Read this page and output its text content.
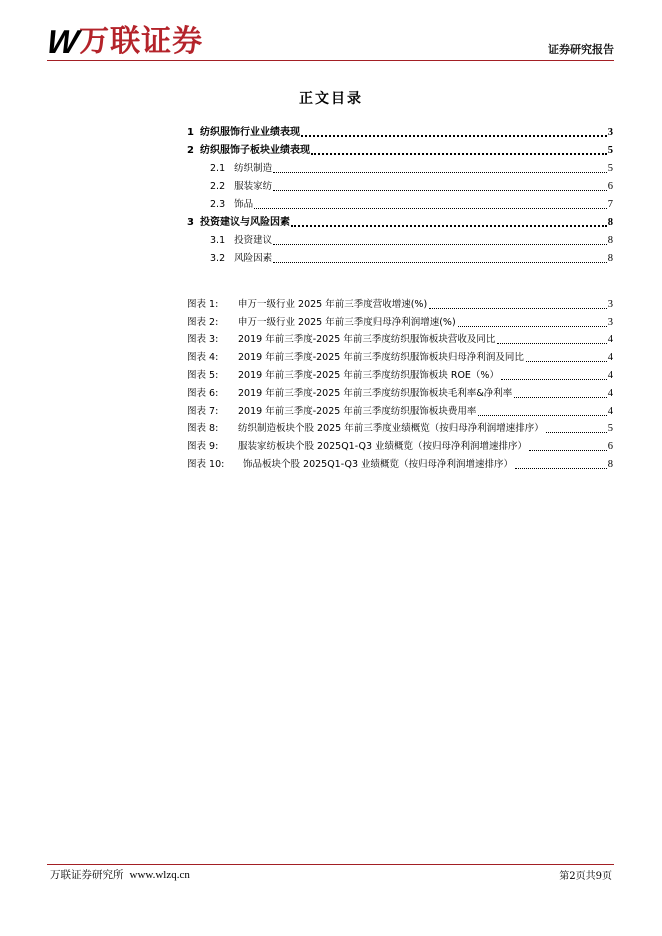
W 万联证券	证券研究报告
正文目录
1 纺织服饰行业业绩表现	3
2 纺织服饰子板块业绩表现	5
2.1 纺织制造	5
2.2 服装家纺	6
2.3 饰品	7
3 投资建议与风险因素	8
3.1 投资建议	8
3.2 风险因素	8
图表 1:	申万一级行业 2025 年前三季度营收增速(%)	3
图表 2:	申万一级行业 2025 年前三季度归母净利润增速(%)	3
图表 3:	2019 年前三季度-2025 年前三季度纺织服饰板块营收及同比	4
图表 4:	2019 年前三季度-2025 年前三季度纺织服饰板块归母净利润及同比	4
图表 5:	2019 年前三季度-2025 年前三季度纺织服饰板块 ROE（%）	4
图表 6:	2019 年前三季度-2025 年前三季度纺织服饰板块毛利率&净利率	4
图表 7:	2019 年前三季度-2025 年前三季度纺织服饰板块费用率	4
图表 8:	纺织制造板块个股 2025 年前三季度业绩概览（按归母净利润增速排序）	5
图表 9:	服装家纺板块个股 2025Q1-Q3 业绩概览（按归母净利润增速排序）	6
图表 10:	饰品板块个股 2025Q1-Q3 业绩概览（按归母净利润增速排序）	8
万联证券研究所 www.wlzq.cn	第2页共9页
